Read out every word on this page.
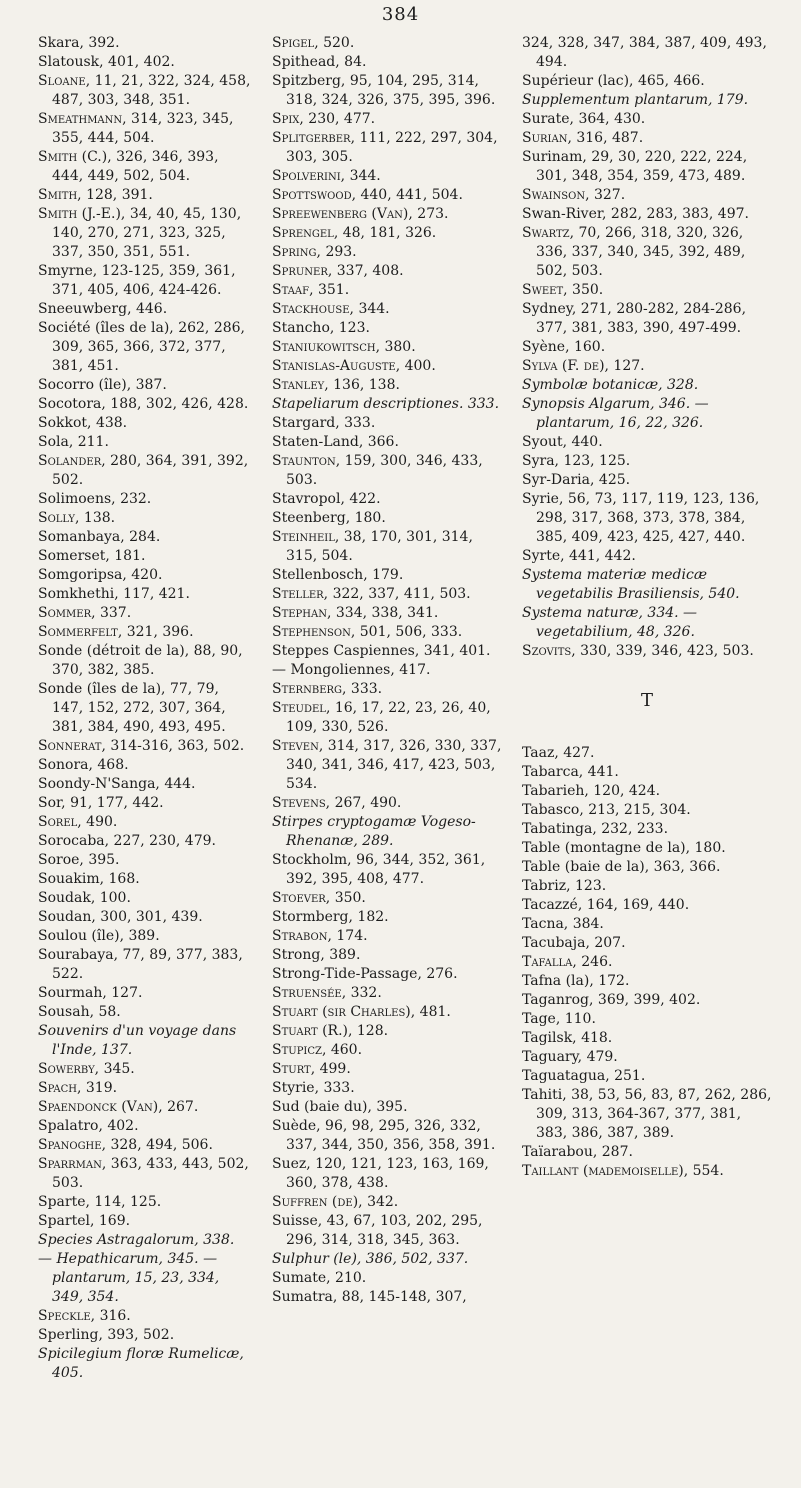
384
Skara, 392.
Slatousk, 401, 402.
Sloane, 11, 21, 322, 324, 458, 487, 303, 348, 351.
Smeathmann, 314, 323, 345, 355, 444, 504.
Smith (C.), 326, 346, 393, 444, 449, 502, 504.
Smith, 128, 391.
Smith (J.-E.), 34, 40, 45, 130, 140, 270, 271, 323, 325, 337, 350, 351, 551.
Smyrne, 123-125, 359, 361, 371, 405, 406, 424-426.
Sneeuwberg, 446.
Société (îles de la), 262, 286, 309, 365, 366, 372, 377, 381, 451.
Socorro (île), 387.
Socotora, 188, 302, 426, 428.
Sokkot, 438.
Sola, 211.
Solander, 280, 364, 391, 392, 502.
Solimoens, 232.
Solly, 138.
Somanbaya, 284.
Somerset, 181.
Somgoripsa, 420.
Somkhethi, 117, 421.
Sommer, 337.
Sommerfelt, 321, 396.
Sonde (détroit de la), 88, 90, 370, 382, 385.
Sonde (îles de la), 77, 79, 147, 152, 272, 307, 364, 381, 384, 490, 493, 495.
Sonnerat, 314-316, 363, 502.
Sonora, 468.
Soondy-N'Sanga, 444.
Sor, 91, 177, 442.
Sorel, 490.
Sorocaba, 227, 230, 479.
Soroe, 395.
Souakim, 168.
Soudak, 100.
Soudan, 300, 301, 439.
Soulou (île), 389.
Sourabaya, 77, 89, 377, 383, 522.
Sourmah, 127.
Sousah, 58.
Souvenirs d'un voyage dans l'Inde, 137.
Sowerby, 345.
Spach, 319.
Spaendonck (Van), 267.
Spalatro, 402.
Spanoghe, 328, 494, 506.
Sparrman, 363, 433, 443, 502, 503.
Sparte, 114, 125.
Spartel, 169.
Species Astragalorum, 338.
— Hepathicarum, 345. — plantarum, 15, 23, 334, 349, 354.
Speckle, 316.
Sperling, 393, 502.
Spicilegium floræ Rumelicæ, 405.
Spigel, 520.
Spithead, 84.
Spitzberg, 95, 104, 295, 314, 318, 324, 326, 375, 395, 396.
Spix, 230, 477.
Splitgerber, 111, 222, 297, 304, 303, 305.
Spolverini, 344.
Spottswood, 440, 441, 504.
Spreewenberg (Van), 273.
Sprengel, 48, 181, 326.
Spring, 293.
Spruner, 337, 408.
Staaf, 351.
Stackhouse, 344.
Stancho, 123.
Staniukowitsch, 380.
Stanislas-Auguste, 400.
Stanley, 136, 138.
Stapeliarum descriptiones. 333.
Stargard, 333.
Staten-Land, 366.
Staunton, 159, 300, 346, 433, 503.
Stavropol, 422.
Steenberg, 180.
Steinheil, 38, 170, 301, 314, 315, 504.
Stellenbosch, 179.
Steller, 322, 337, 411, 503.
Stephan, 334, 338, 341.
Stephenson, 501, 506, 333.
Steppes Caspiennes, 341, 401.
— Mongoliennes, 417.
Sternberg, 333.
Steudel, 16, 17, 22, 23, 26, 40, 109, 330, 526.
Steven, 314, 317, 326, 330, 337, 340, 341, 346, 417, 423, 503, 534.
Stevens, 267, 490.
Stirpes cryptogamæ Vogeso-Rhenanæ, 289.
Stockholm, 96, 344, 352, 361, 392, 395, 408, 477.
Stoever, 350.
Stormberg, 182.
Strabon, 174.
Strong, 389.
Strong-Tide-Passage, 276.
Struensée, 332.
Stuart (sir Charles), 481.
Stuart (R.), 128.
Stupicz, 460.
Sturt, 499.
Styrie, 333.
Sud (baie du), 395.
Suède, 96, 98, 295, 326, 332, 337, 344, 350, 356, 358, 391.
Suez, 120, 121, 123, 163, 169, 360, 378, 438.
Suffren (de), 342.
Suisse, 43, 67, 103, 202, 295, 296, 314, 318, 345, 363.
Sulphur (le), 386, 502, 337.
Sumate, 210.
Sumatra, 88, 145-148, 307,
324, 328, 347, 384, 387, 409, 493, 494.
Supérieur (lac), 465, 466.
Supplementum plantarum, 179.
Surate, 364, 430.
Surian, 316, 487.
Surinam, 29, 30, 220, 222, 224, 301, 348, 354, 359, 473, 489.
Swainson, 327.
Swan-River, 282, 283, 383, 497.
Swartz, 70, 266, 318, 320, 326, 336, 337, 340, 345, 392, 489, 502, 503.
Sweet, 350.
Sydney, 271, 280-282, 284-286, 377, 381, 383, 390, 497-499.
Syène, 160.
Sylva (F. de), 127.
Symbolæ botanicæ, 328.
Synopsis Algarum, 346. — plantarum, 16, 22, 326.
Syout, 440.
Syra, 123, 125.
Syr-Daria, 425.
Syrie, 56, 73, 117, 119, 123, 136, 298, 317, 368, 373, 378, 384, 385, 409, 423, 425, 427, 440.
Syrte, 441, 442.
Systema materiæ medicæ vegetabilis Brasiliensis, 540.
Systema naturæ, 334. — vegetabilium, 48, 326.
Szovits, 330, 339, 346, 423, 503.
T
Taaz, 427.
Tabarca, 441.
Tabarieh, 120, 424.
Tabasco, 213, 215, 304.
Tabatinga, 232, 233.
Table (montagne de la), 180.
Table (baie de la), 363, 366.
Tabriz, 123.
Tacazzé, 164, 169, 440.
Tacna, 384.
Tacubaja, 207.
Tafalla, 246.
Tafna (la), 172.
Taganrog, 369, 399, 402.
Tage, 110.
Tagilsk, 418.
Taguary, 479.
Taguatagua, 251.
Tahiti, 38, 53, 56, 83, 87, 262, 286, 309, 313, 364-367, 377, 381, 383, 386, 387, 389.
Taïarabou, 287.
Taillant (mademoiselle), 554.
